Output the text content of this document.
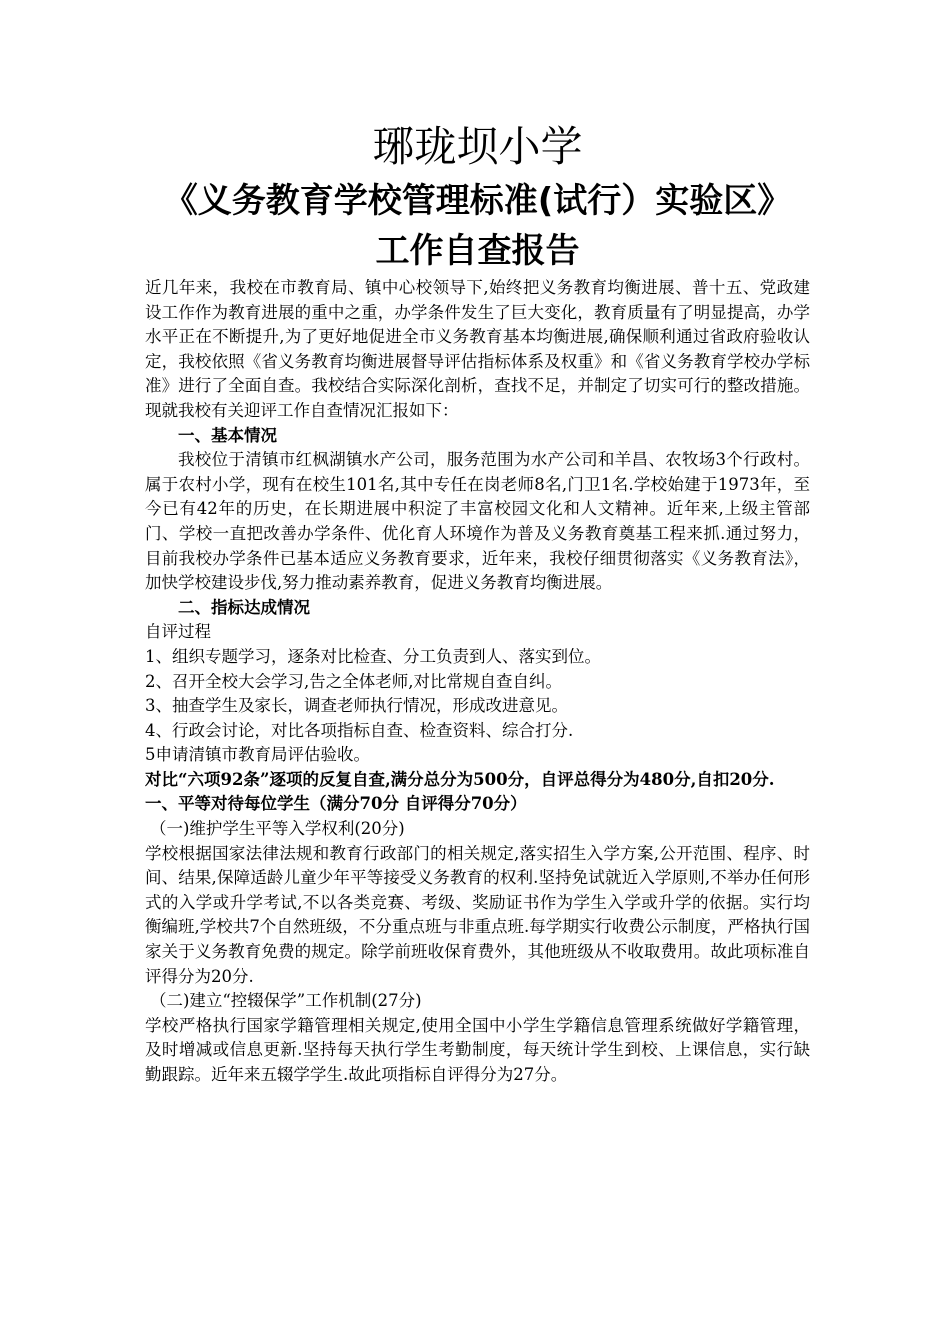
琊珑坝小学
《义务教育学校管理标准(试行）实验区》
工作自查报告

近几年来，我校在市教育局、镇中心校领导下,始终把义务教育均衡进展、普十五、党政建设工作作为教育进展的重中之重，办学条件发生了巨大变化，教育质量有了明显提高，办学水平正在不断提升,为了更好地促进全市义务教育基本均衡进展,确保顺利通过省政府验收认定，我校依照《省义务教育均衡进展督导评估指标体系及权重》和《省义务教育学校办学标准》进行了全面自查。我校结合实际深化剖析，查找不足，并制定了切实可行的整改措施。现就我校有关迎评工作自查情况汇报如下：

一、基本情况

我校位于清镇市红枫湖镇水产公司，服务范围为水产公司和羊昌、农牧场3个行政村。属于农村小学，现有在校生101名,其中专任在岗老师8名,门卫1名.学校始建于1973年，至今已有42年的历史，在长期进展中积淀了丰富校园文化和人文精神。近年来,上级主管部门、学校一直把改善办学条件、优化育人环境作为普及义务教育奠基工程来抓.通过努力，目前我校办学条件已基本适应义务教育要求，近年来，我校仔细贯彻落实《义务教育法》，加快学校建设步伐,努力推动素养教育，促进义务教育均衡进展。

二、指标达成情况

自评过程

1、组织专题学习，逐条对比检查、分工负责到人、落实到位。

2、召开全校大会学习,告之全体老师,对比常规自查自纠。

3、抽查学生及家长，调查老师执行情况，形成改进意见。

4、行政会讨论，对比各项指标自查、检查资料、综合打分.

5申请清镇市教育局评估验收。

对比“六项92条”逐项的反复自查,满分总分为500分，自评总得分为480分,自扣20分.

一、平等对待每位学生（满分70分 自评得分70分）

（一)维护学生平等入学权利(20分)

学校根据国家法律法规和教育行政部门的相关规定,落实招生入学方案,公开范围、程序、时间、结果,保障适龄儿童少年平等接受义务教育的权利.坚持免试就近入学原则,不举办任何形式的入学或升学考试,不以各类竞赛、考级、奖励证书作为学生入学或升学的依据。实行均衡编班,学校共7个自然班级，不分重点班与非重点班.每学期实行收费公示制度，严格执行国家关于义务教育免费的规定。除学前班收保育费外，其他班级从不收取费用。故此项标准自评得分为20分.

（二)建立“控辍保学”工作机制(27分)

学校严格执行国家学籍管理相关规定,使用全国中小学生学籍信息管理系统做好学籍管理，及时增减或信息更新.坚持每天执行学生考勤制度，每天统计学生到校、上课信息，实行缺勤跟踪。近年来五辍学学生.故此项指标自评得分为27分。
